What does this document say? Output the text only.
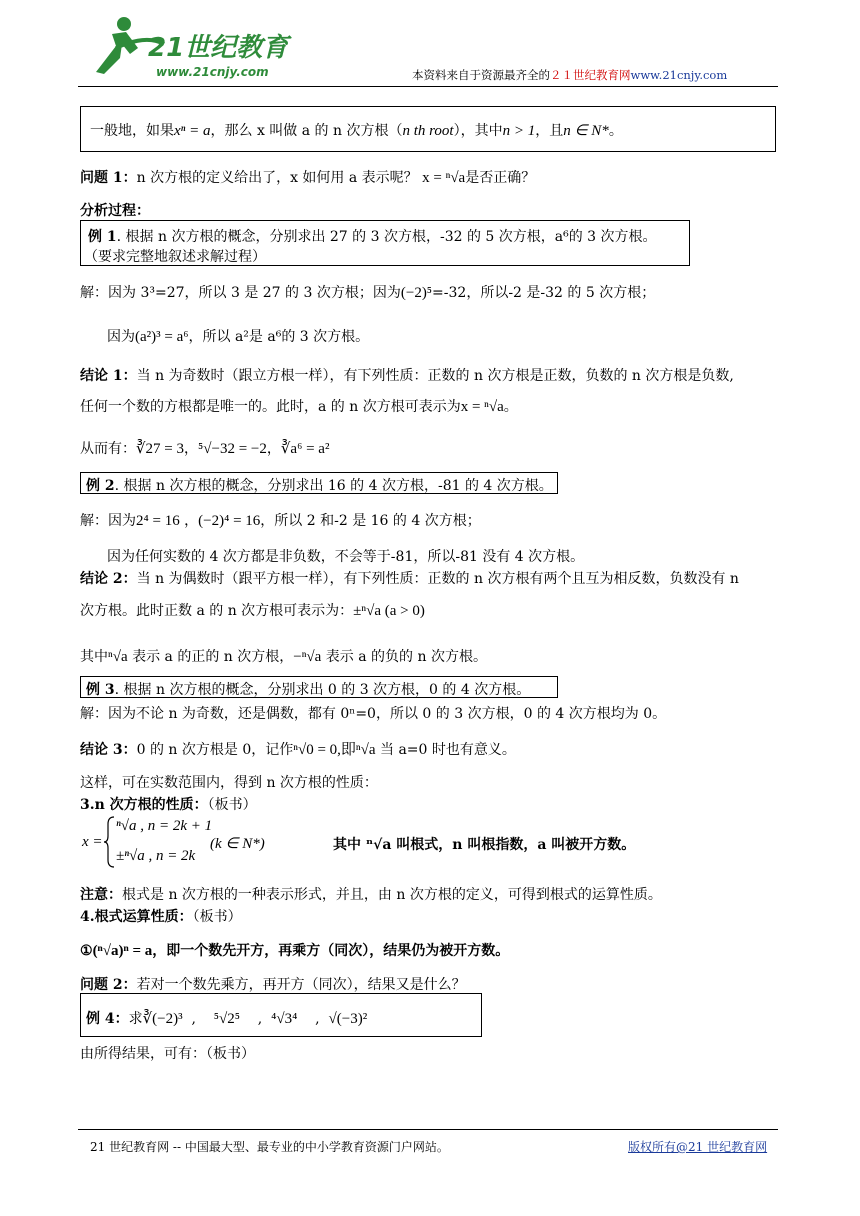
21世纪教育
www.21cnjy.com	本资料来自于资源最齐全的２１世纪教育网www.21cnjy.com
一般地，如果xⁿ = a，那么 x 叫做 a 的 n 次方根（n th root），其中n > 1，且n ∈ N*。
问题 1：n 次方根的定义给出了，x 如何用 a 表示呢？ x = ⁿ√a是否正确？
分析过程：
例 1. 根据 n 次方根的概念，分别求出 27 的 3 次方根，-32 的 5 次方根，a⁶的 3 次方根。
（要求完整地叙述求解过程）
解：因为 3³=27，所以 3 是 27 的 3 次方根；因为(−2)⁵=-32，所以-2 是-32 的 5 次方根；
因为(a²)³ = a⁶，所以 a²是 a⁶的 3 次方根。
结论 1：当 n 为奇数时（跟立方根一样），有下列性质：正数的 n 次方根是正数，负数的 n 次方根是负数,
任何一个数的方根都是唯一的。此时，a 的 n 次方根可表示为x = ⁿ√a。
从而有：∛27 = 3，⁵√−32 = −2，∛a⁶ = a²
例 2. 根据 n 次方根的概念，分别求出 16 的 4 次方根，-81 的 4 次方根。
解：因为2⁴ = 16 ，(−2)⁴ = 16，所以 2 和-2 是 16 的 4 次方根；
因为任何实数的 4 次方都是非负数，不会等于-81，所以-81 没有 4 次方根。
结论 2：当 n 为偶数时（跟平方根一样），有下列性质：正数的 n 次方根有两个且互为相反数，负数没有 n
次方根。此时正数 a 的 n 次方根可表示为：±ⁿ√a (a > 0)
其中ⁿ√a 表示 a 的正的 n 次方根，−ⁿ√a 表示 a 的负的 n 次方根。
例 3. 根据 n 次方根的概念，分别求出 0 的 3 次方根，0 的 4 次方根。
解：因为不论 n 为奇数，还是偶数，都有 0ⁿ=0，所以 0 的 3 次方根，0 的 4 次方根均为 0。
结论 3：0 的 n 次方根是 0，记作ⁿ√0 = 0,即ⁿ√a 当 a=0 时也有意义。
这样，可在实数范围内，得到 n 次方根的性质：
3.n 次方根的性质：（板书）
x =
ⁿ√a , n = 2k + 1
±ⁿ√a , n = 2k
(k ∈ N*)	其中 ⁿ√a 叫根式，n 叫根指数，a 叫被开方数。
注意：根式是 n 次方根的一种表示形式，并且，由 n 次方根的定义，可得到根式的运算性质。
4.根式运算性质：（板书）
①(ⁿ√a)ⁿ = a，即一个数先开方，再乘方（同次），结果仍为被开方数。
问题 2：若对一个数先乘方，再开方（同次），结果又是什么？
例 4：求∛(−2)³  ,    ⁵√2⁵    ,  ⁴√3⁴    ,  √(−3)²
由所得结果，可有：（板书）
21 世纪教育网 -- 中国最大型、最专业的中小学教育资源门户网站。	版权所有@21 世纪教育网
